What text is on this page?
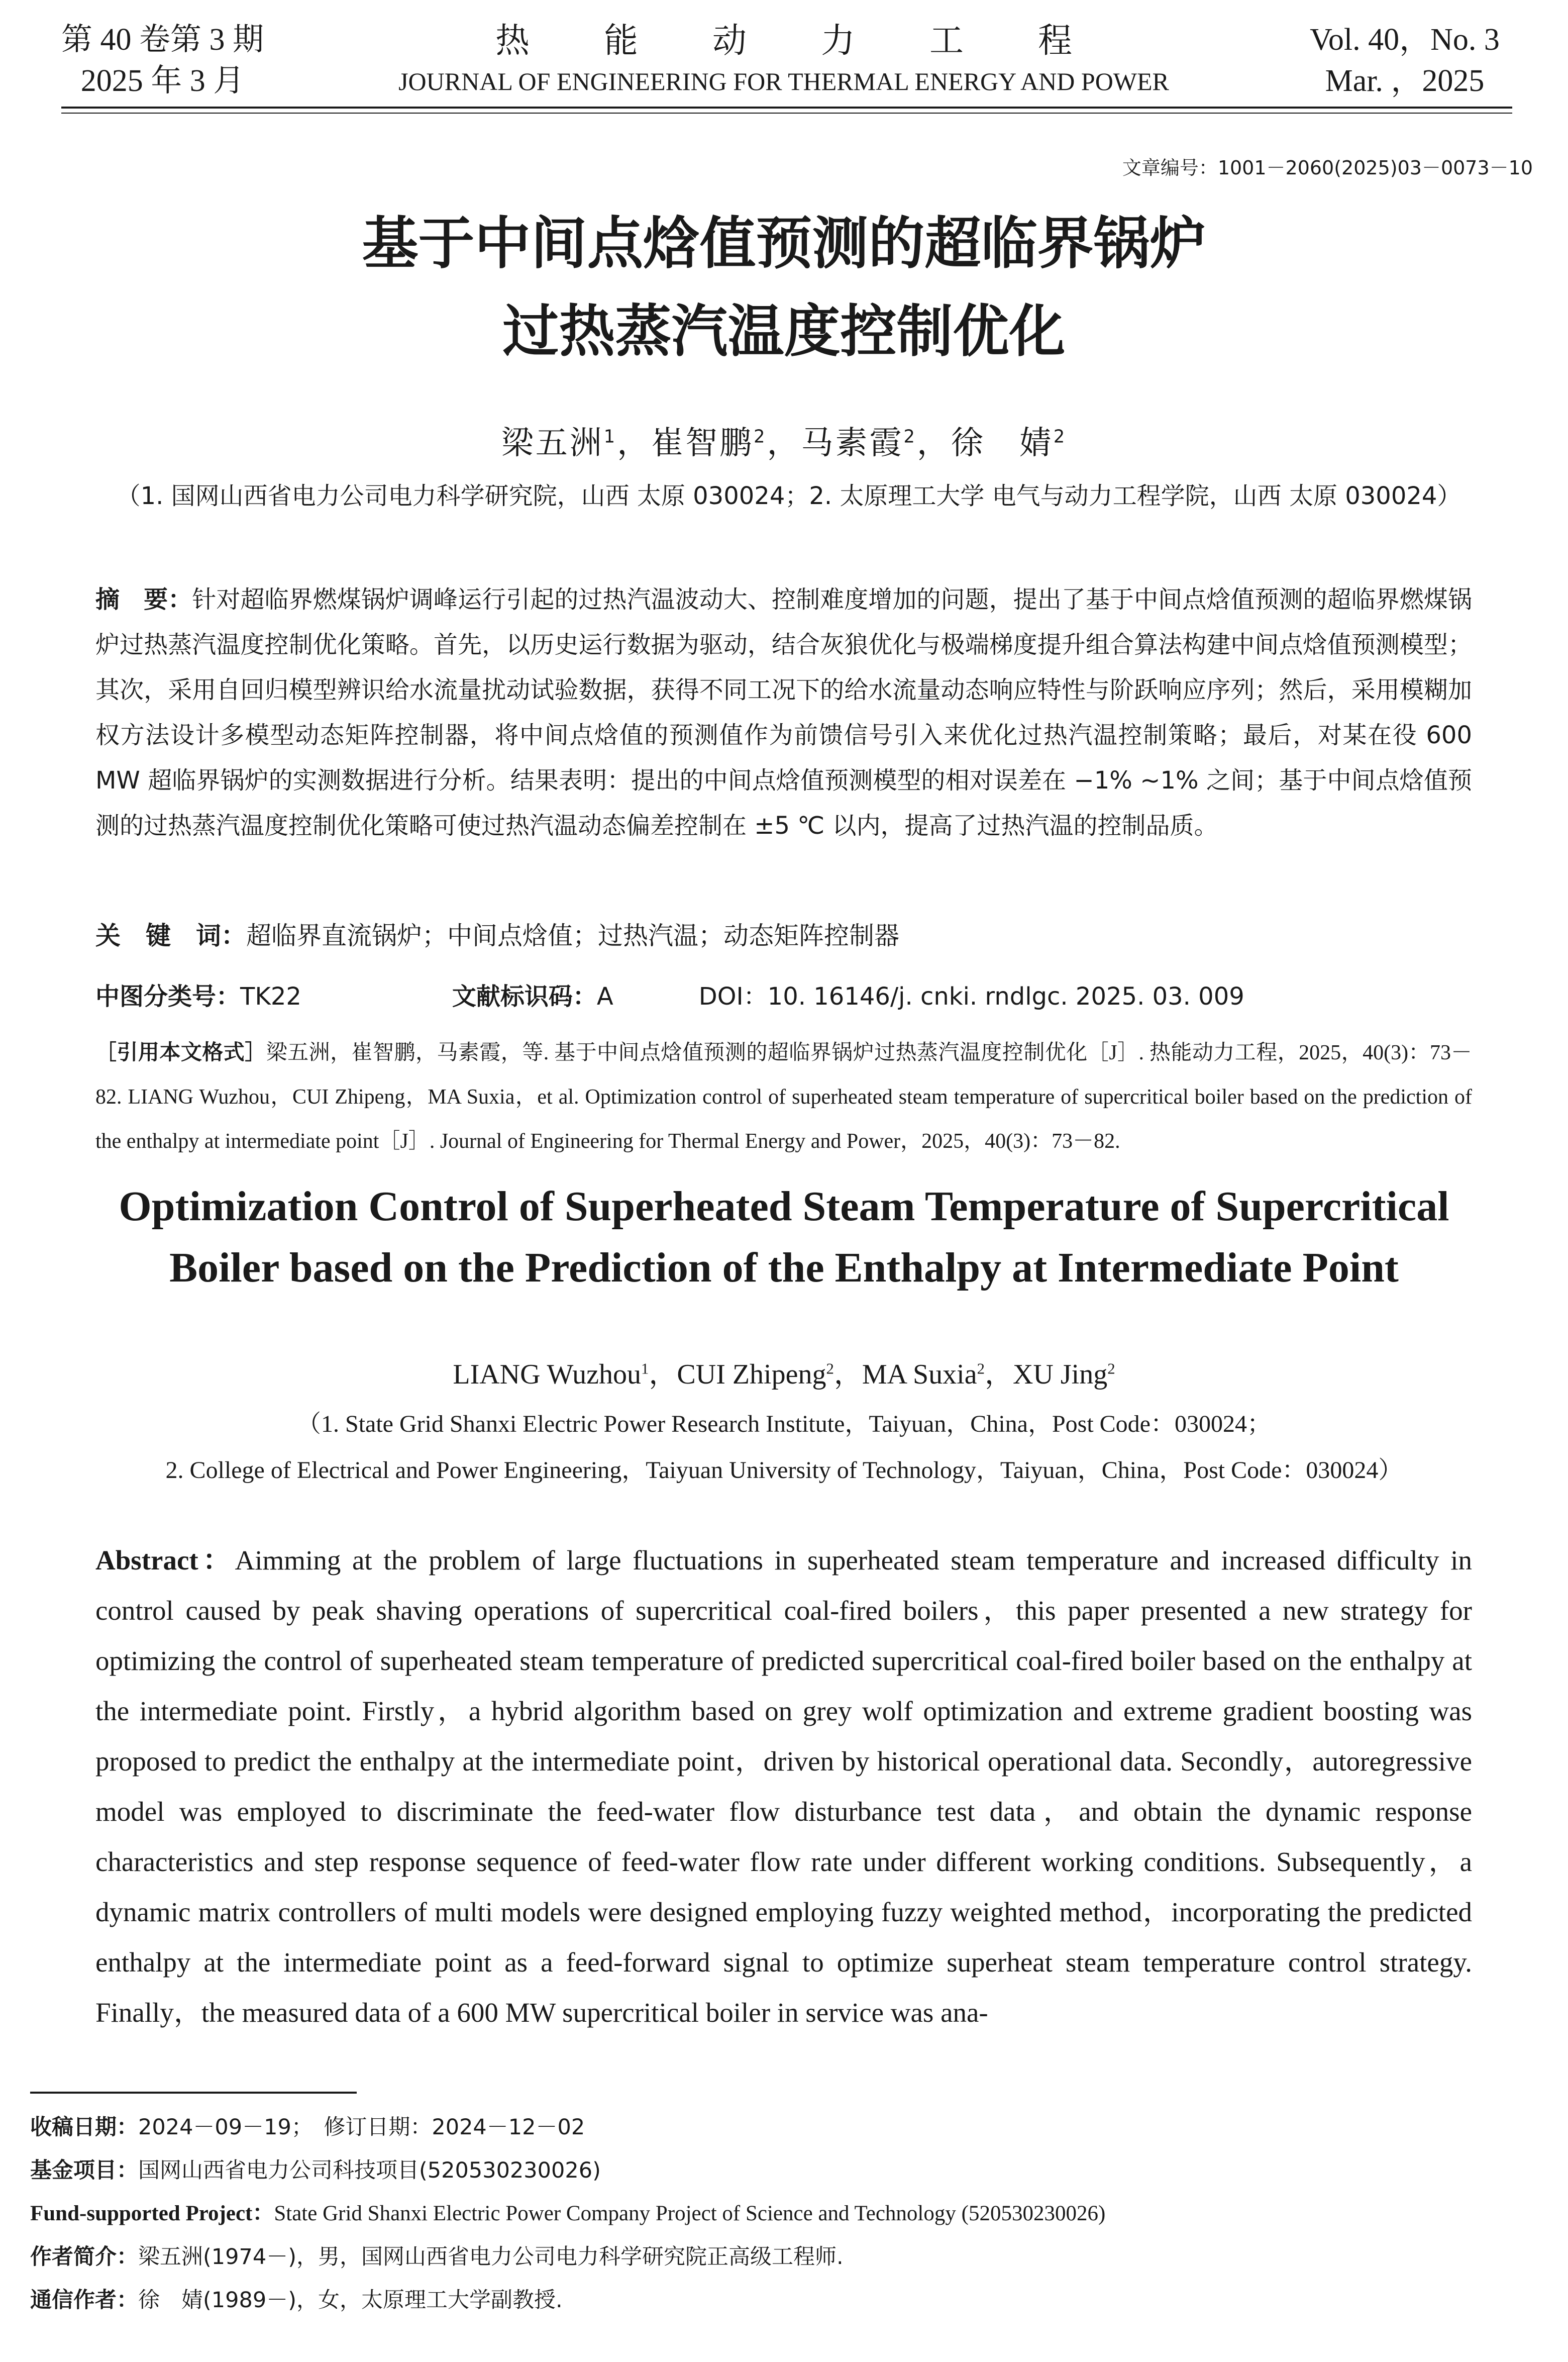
第 40 卷第 3 期
2025 年 3 月
热能动力工程
JOURNAL OF ENGINEERING FOR THERMAL ENERGY AND POWER
Vol. 40，No. 3
Mar. ，2025
文章编号：1001－2060(2025)03－0073－10
基于中间点焓值预测的超临界锅炉
过热蒸汽温度控制优化
梁五洲$^1$，崔智鹏$^2$，马素霞$^2$，徐　婧$^2$
（1. 国网山西省电力公司电力科学研究院，山西 太原 030024；2. 太原理工大学 电气与动力工程学院，山西 太原 030024）
摘　要：针对超临界燃煤锅炉调峰运行引起的过热汽温波动大、控制难度增加的问题，提出了基于中间点焓值预测的超临界燃煤锅炉过热蒸汽温度控制优化策略。首先，以历史运行数据为驱动，结合灰狼优化与极端梯度提升组合算法构建中间点焓值预测模型；其次，采用自回归模型辨识给水流量扰动试验数据，获得不同工况下的给水流量动态响应特性与阶跃响应序列；然后，采用模糊加权方法设计多模型动态矩阵控制器，将中间点焓值的预测值作为前馈信号引入来优化过热汽温控制策略；最后，对某在役 600 MW 超临界锅炉的实测数据进行分析。结果表明：提出的中间点焓值预测模型的相对误差在 −1% ~1% 之间；基于中间点焓值预测的过热蒸汽温度控制优化策略可使过热汽温动态偏差控制在 ±5 ℃ 以内，提高了过热汽温的控制品质。
关　键　词：超临界直流锅炉；中间点焓值；过热汽温；动态矩阵控制器
中图分类号：TK22	文献标识码：A	DOI：10. 16146/j. cnki. rndlgc. 2025. 03. 009
［引用本文格式］梁五洲，崔智鹏，马素霞，等. 基于中间点焓值预测的超临界锅炉过热蒸汽温度控制优化［J］. 热能动力工程，2025，40(3)：73－82. LIANG Wuzhou，CUI Zhipeng，MA Suxia，et al. Optimization control of superheated steam temperature of supercritical boiler based on the prediction of the enthalpy at intermediate point［J］. Journal of Engineering for Thermal Energy and Power，2025，40(3)：73－82.
Optimization Control of Superheated Steam Temperature of Supercritical
Boiler based on the Prediction of the Enthalpy at Intermediate Point
LIANG Wuzhou$^1$，CUI Zhipeng$^2$，MA Suxia$^2$，XU Jing$^2$
（1. State Grid Shanxi Electric Power Research Institute，Taiyuan，China，Post Code：030024；
2. College of Electrical and Power Engineering，Taiyuan University of Technology，Taiyuan，China，Post Code：030024）
Abstract：Aimming at the problem of large fluctuations in superheated steam temperature and increased difficulty in control caused by peak shaving operations of supercritical coal-fired boilers，this paper presented a new strategy for optimizing the control of superheated steam temperature of predicted supercritical coal-fired boiler based on the enthalpy at the intermediate point. Firstly，a hybrid algorithm based on grey wolf optimization and extreme gradient boosting was proposed to predict the enthalpy at the intermediate point，driven by historical operational data. Secondly，autoregressive model was employed to discriminate the feed-water flow disturbance test data，and obtain the dynamic response characteristics and step response sequence of feed-water flow rate under different working conditions. Subsequently，a dynamic matrix controllers of multi models were designed employing fuzzy weighted method，incorporating the predicted enthalpy at the intermediate point as a feed-forward signal to optimize superheat steam temperature control strategy. Finally，the measured data of a 600 MW supercritical boiler in service was ana-
收稿日期：2024－09－19；　修订日期：2024－12－02
基金项目：国网山西省电力公司科技项目(520530230026)
Fund-supported Project：State Grid Shanxi Electric Power Company Project of Science and Technology (520530230026)
作者简介：梁五洲(1974－)，男，国网山西省电力公司电力科学研究院正高级工程师.
通信作者：徐　婧(1989－)，女，太原理工大学副教授.
